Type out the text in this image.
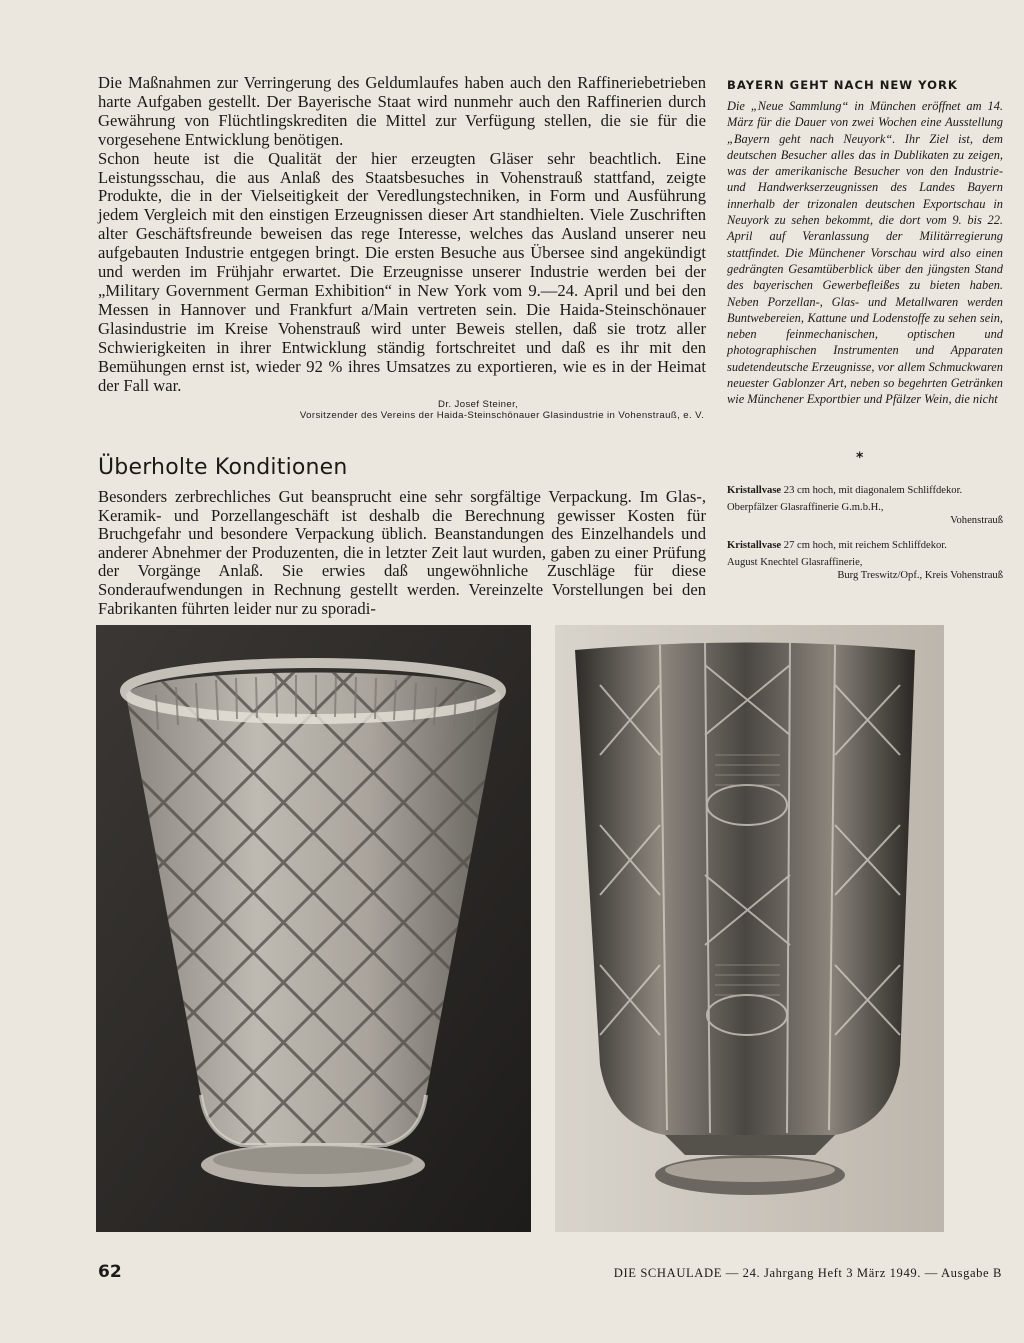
Die Maßnahmen zur Verringerung des Geldumlaufes haben auch den Raffineriebetrieben harte Aufgaben gestellt. Der Bayerische Staat wird nunmehr auch den Raffinerien durch Gewährung von Flüchtlingskrediten die Mittel zur Verfügung stellen, die sie für die vorgesehene Entwicklung benötigen.

Schon heute ist die Qualität der hier erzeugten Gläser sehr beachtlich. Eine Leistungsschau, die aus Anlaß des Staatsbesuches in Vohenstrauß stattfand, zeigte Produkte, die in der Vielseitigkeit der Veredlungstechniken, in Form und Ausführung jedem Vergleich mit den einstigen Erzeugnissen dieser Art standhielten. Viele Zuschriften alter Geschäftsfreunde beweisen das rege Interesse, welches das Ausland unserer neu aufgebauten Industrie entgegen bringt. Die ersten Besuche aus Übersee sind angekündigt und werden im Frühjahr erwartet. Die Erzeugnisse unserer Industrie werden bei der „Military Government German Exhibition“ in New York vom 9.—24. April und bei den Messen in Hannover und Frankfurt a/Main vertreten sein. Die Haida-Steinschönauer Glasindustrie im Kreise Vohenstrauß wird unter Beweis stellen, daß sie trotz aller Schwierigkeiten in ihrer Entwicklung ständig fortschreitet und daß es ihr mit den Bemühungen ernst ist, wieder 92 % ihres Umsatzes zu exportieren, wie es in der Heimat der Fall war.

Dr. Josef Steiner,
Vorsitzender des Vereins der Haida-Steinschönauer Glasindustrie in Vohenstrauß, e. V.
Überholte Konditionen

Besonders zerbrechliches Gut beansprucht eine sehr sorgfältige Verpackung. Im Glas-, Keramik- und Porzellangeschäft ist deshalb die Berechnung gewisser Kosten für Bruchgefahr und besondere Verpackung üblich. Beanstandungen des Einzelhandels und anderer Abnehmer der Produzenten, die in letzter Zeit laut wurden, gaben zu einer Prüfung der Vorgänge Anlaß. Sie erwies daß ungewöhnliche Zuschläge für diese Sonderaufwendungen in Rechnung gestellt werden. Vereinzelte Vorstellungen bei den Fabrikanten führten leider nur zu sporadi-

BAYERN GEHT NACH NEW YORK

Die „Neue Sammlung“ in München eröffnet am 14. März für die Dauer von zwei Wochen eine Ausstellung „Bayern geht nach Neuyork“. Ihr Ziel ist, dem deutschen Besucher alles das in Dublikaten zu zeigen, was der amerikanische Besucher von den Industrie- und Handwerkserzeugnissen des Landes Bayern innerhalb der trizonalen deutschen Exportschau in Neuyork zu sehen bekommt, die dort vom 9. bis 22. April auf Veranlassung der Militärregierung stattfindet. Die Münchener Vorschau wird also einen gedrängten Gesamtüberblick über den jüngsten Stand des bayerischen Gewerbefleißes zu bieten haben. Neben Porzellan-, Glas- und Metallwaren werden Buntwebereien, Kattune und Lodenstoffe zu sehen sein, neben feinmechanischen, optischen und photographischen Instrumenten und Apparaten sudetendeutsche Erzeugnisse, vor allem Schmuckwaren neuester Gablonzer Art, neben so begehrten Getränken wie Münchener Exportbier und Pfälzer Wein, die nicht

*

Kristallvase 23 cm hoch, mit diagonalem Schliffdekor.

Oberpfälzer Glasraffinerie G.m.b.H.,
Vohenstrauß

Kristallvase 27 cm hoch, mit reichem Schliffdekor.

August Knechtel Glasraffinerie,
Burg Treswitz/Opf., Kreis Vohenstrauß
62	DIE SCHAULADE — 24. Jahrgang Heft 3 März 1949. — Ausgabe B
